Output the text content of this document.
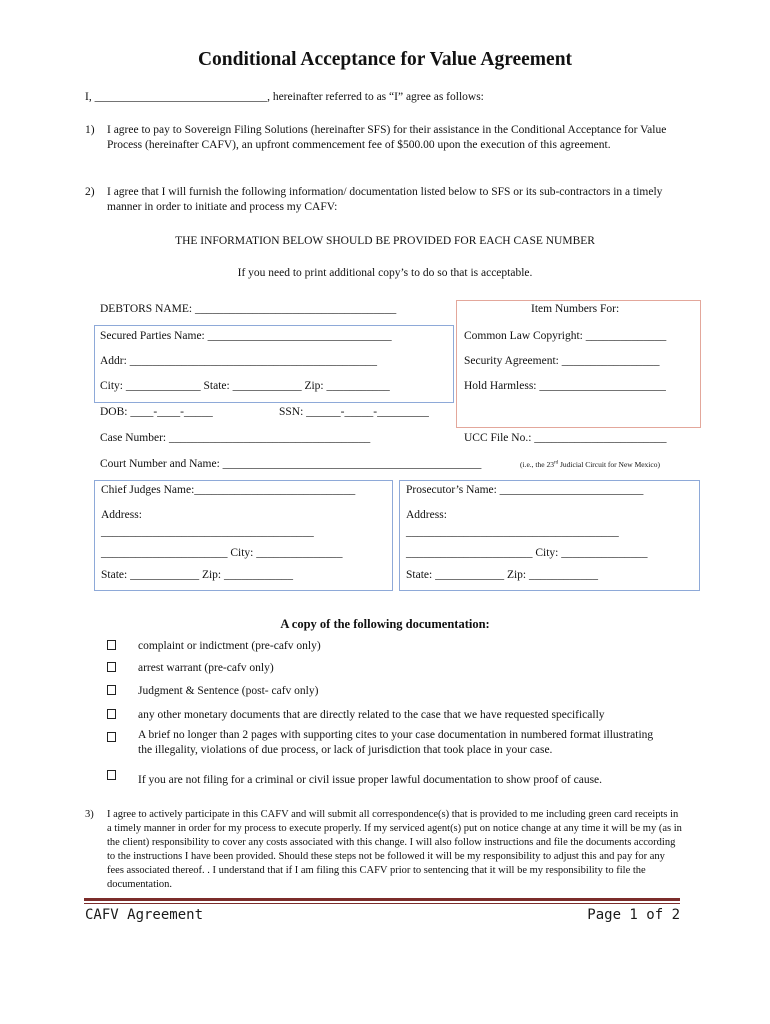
Conditional Acceptance for Value Agreement
I, ______________________________, hereinafter referred to as “I” agree as follows:
1) I agree to pay to Sovereign Filing Solutions (hereinafter SFS) for their assistance in the Conditional Acceptance for Value Process (hereinafter CAFV), an upfront commencement fee of $500.00 upon the execution of this agreement.
2) I agree that I will furnish the following information/ documentation listed below to SFS or its sub-contractors in a timely manner in order to initiate and process my CAFV:
THE INFORMATION BELOW SHOULD BE PROVIDED FOR EACH CASE NUMBER
If you need to print additional copy’s to do so that is acceptable.
DEBTORS NAME: ___________________________________	Item Numbers For:
Secured Parties Name: ________________________________	Common Law Copyright: ______________
Addr: ___________________________________________	Security Agreement: _________________
City: _____________ State: ____________ Zip: ___________	Hold Harmless: ______________________
DOB: ____-____-_____	SSN: ______-_____-_________
Case Number: ___________________________________	UCC File No.: _______________________
Court Number and Name: _____________________________________________	(i.e., the 23rd Judicial Circuit for New Mexico)
Chief Judges Name:____________________________
Address:
_____________________________________
______________________ City: _______________
State: ____________ Zip: ____________
Prosecutor’s Name: _________________________
Address:
_____________________________________
______________________ City: _______________
State: ____________ Zip: ____________
A copy of the following documentation:
complaint or indictment (pre-cafv only)
arrest warrant (pre-cafv only)
Judgment & Sentence (post- cafv only)
any other monetary documents that are directly related to the case that we have requested specifically
A brief no longer than 2 pages with supporting cites to your case documentation in numbered format illustrating the illegality, violations of due process, or lack of jurisdiction that took place in your case.
If you are not filing for a criminal or civil issue proper lawful documentation to show proof of cause.
3) I agree to actively participate in this CAFV and will submit all correspondence(s) that is provided to me including green card receipts in a timely manner in order for my process to execute properly. If my serviced agent(s) put on notice change at any time it will be my (as in the client) responsibility to cover any costs associated with this change. I will also follow instructions and file the documents according to the instructions I have been provided. Should these steps not be followed it will be my responsibility to adjust this and pay for any fees associated thereof. . I understand that if I am filing this CAFV prior to sentencing that it will be my responsibility to file the documentation.
CAFV Agreement	Page 1 of 2
